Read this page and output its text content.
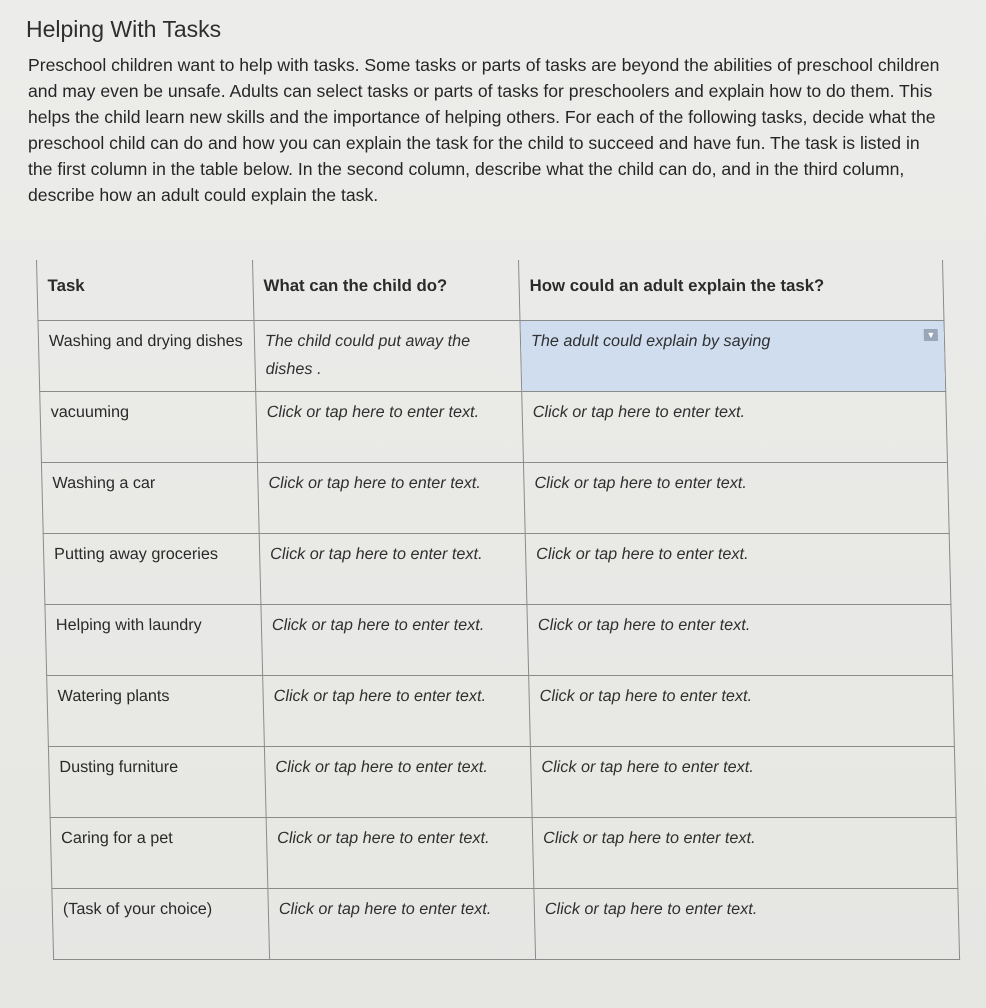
Helping With Tasks

Preschool children want to help with tasks. Some tasks or parts of tasks are beyond the abilities of preschool children and may even be unsafe. Adults can select tasks or parts of tasks for preschoolers and explain how to do them. This helps the child learn new skills and the importance of helping others. For each of the following tasks, decide what the preschool child can do and how you can explain the task for the child to succeed and have fun. The task is listed in the first column in the table below. In the second column, describe what the child can do, and in the third column, describe how an adult could explain the task.

Task	What can the child do?	How could an adult explain the task?
Washing and drying dishes	The child could put away the dishes .	The adult could explain by saying ▼

vacuuming	Click or tap here to enter text.	Click or tap here to enter text.
Washing a car	Click or tap here to enter text.	Click or tap here to enter text.
Putting away groceries	Click or tap here to enter text.	Click or tap here to enter text.
Helping with laundry	Click or tap here to enter text.	Click or tap here to enter text.
Watering plants	Click or tap here to enter text.	Click or tap here to enter text.
Dusting furniture	Click or tap here to enter text.	Click or tap here to enter text.
Caring for a pet	Click or tap here to enter text.	Click or tap here to enter text.
(Task of your choice)	Click or tap here to enter text.	Click or tap here to enter text.
